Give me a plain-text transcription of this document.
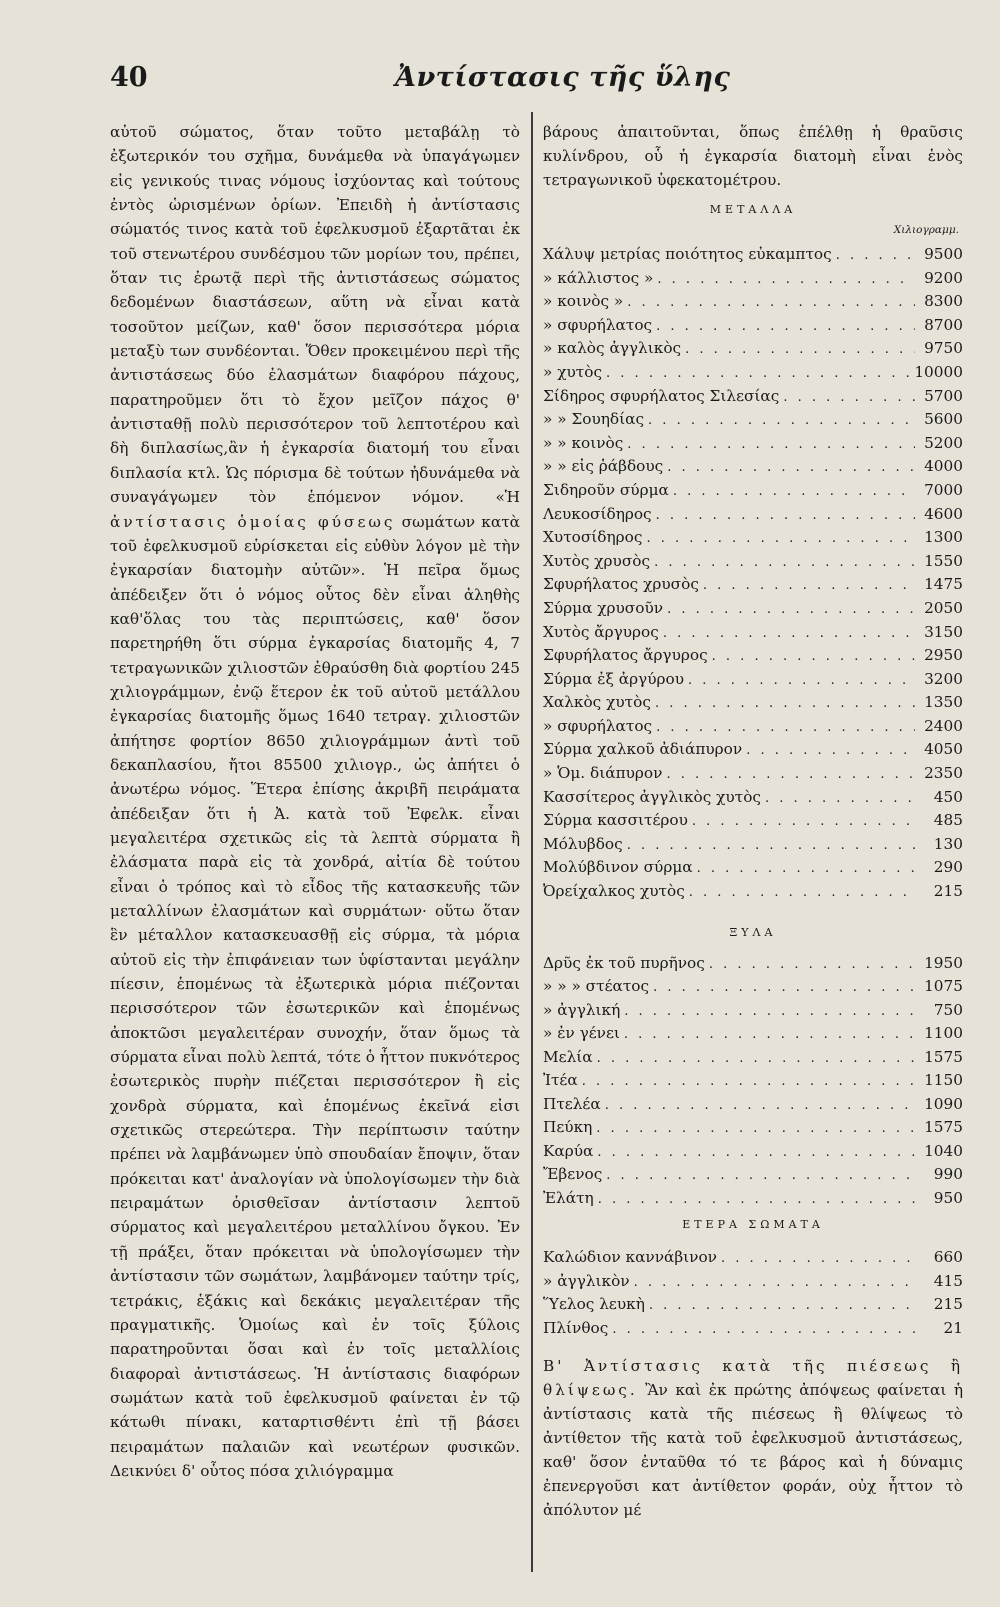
40	Ἀντίστασις τῆς ὕλης

αὐτοῦ σώματος, ὅταν τοῦτο μεταβάλῃ τὸ ἐξωτερικόν του σχῆμα, δυνάμεθα νὰ ὑπαγάγωμεν εἰς γενικούς τινας νόμους ἰσχύοντας καὶ τούτους ἐντὸς ὡρισμένων ὁρίων. Ἐπειδὴ ἡ ἀντίστασις σώματός τινος κατὰ τοῦ ἐφελκυσμοῦ ἐξαρτᾶται ἐκ τοῦ στενωτέρου συνδέσμου τῶν μορίων του, πρέπει, ὅταν τις ἐρωτᾷ περὶ τῆς ἀντιστάσεως σώματος δεδομένων διαστάσεων, αὕτη νὰ εἶναι κατὰ τοσοῦτον μείζων, καθ' ὅσον περισσότερα μόρια μεταξὺ των συνδέονται. Ὅθεν προκειμένου περὶ τῆς ἀντιστάσεως δύο ἐλασμάτων διαφόρου πάχους, παρατηροῦμεν ὅτι τὸ ἔχον μεῖζον πάχος θ' ἀντισταθῇ πολὺ περισσότερον τοῦ λεπτοτέρου καὶ δὴ διπλασίως,ἂν ἡ ἐγκαρσία διατομή του εἶναι διπλασία κτλ. Ὡς πόρισμα δὲ τούτων ἠδυνάμεθα νὰ συναγάγωμεν τὸν ἑπόμενον νόμον. «Ἡ ἀντίστασις ὁμοίας φύσεως σωμάτων κατὰ τοῦ ἐφελκυσμοῦ εὑρίσκεται εἰς εὐθὺν λόγον μὲ τὴν ἐγκαρσίαν διατομὴν αὐτῶν». Ἡ πεῖρα ὅμως ἀπέδειξεν ὅτι ὁ νόμος οὗτος δὲν εἶναι ἀληθὴς καθ'ὅλας του τὰς περιπτώσεις, καθ' ὅσον παρετηρήθη ὅτι σύρμα ἐγκαρσίας διατομῆς 4, 7 τετραγωνικῶν χιλιοστῶν ἐθραύσθη διὰ φορτίου 245 χιλιογράμμων, ἐνῷ ἕτερον ἐκ τοῦ αὐτοῦ μετάλλου ἐγκαρσίας διατομῆς ὅμως 1640 τετραγ. χιλιοστῶν ἀπήτησε φορτίον 8650 χιλιογράμμων ἀντὶ τοῦ δεκαπλασίου, ἤτοι 85500 χιλιογρ., ὡς ἀπήτει ὁ ἀνωτέρω νόμος. Ἕτερα ἐπίσης ἀκριβῆ πειράματα ἀπέδειξαν ὅτι ἡ Ἀ. κατὰ τοῦ Ἐφελκ. εἶναι μεγαλειτέρα σχετικῶς εἰς τὰ λεπτὰ σύρματα ἢ ἐλάσματα παρὰ εἰς τὰ χονδρά, αἰτία δὲ τούτου εἶναι ὁ τρόπος καὶ τὸ εἶδος τῆς κατασκευῆς τῶν μεταλλίνων ἐλασμάτων καὶ συρμάτων· οὕτω ὅταν ἓν μέταλλον κατασκευασθῇ εἰς σύρμα, τὰ μόρια αὐτοῦ εἰς τὴν ἐπιφάνειαν των ὑφίστανται μεγάλην πίεσιν, ἑπομένως τὰ ἐξωτερικὰ μόρια πιέζονται περισσότερον τῶν ἐσωτερικῶν καὶ ἑπομένως ἀποκτῶσι μεγαλειτέραν συνοχήν, ὅταν ὅμως τὰ σύρματα εἶναι πολὺ λεπτά, τότε ὁ ἧττον πυκνότερος ἐσωτερικὸς πυρὴν πιέζεται περισσότερον ἢ εἰς χονδρὰ σύρματα, καὶ ἑπομένως ἐκεῖνά εἰσι σχετικῶς στερεώτερα. Τὴν περίπτωσιν ταύτην πρέπει νὰ λαμβάνωμεν ὑπὸ σπουδαίαν ἔποψιν, ὅταν πρόκειται κατ' ἀναλογίαν νὰ ὑπολογίσωμεν τὴν διὰ πειραμάτων ὁρισθεῖσαν ἀντίστασιν λεπτοῦ σύρματος καὶ μεγαλειτέρου μεταλλίνου ὄγκου. Ἐν τῇ πράξει, ὅταν πρόκειται νὰ ὑπολογίσωμεν τὴν ἀντίστασιν τῶν σωμάτων, λαμβάνομεν ταύτην τρίς, τετράκις, ἑξάκις καὶ δεκάκις μεγαλειτέραν τῆς πραγματικῆς. Ὁμοίως καὶ ἐν τοῖς ξύλοις παρατηροῦνται ὅσαι καὶ ἐν τοῖς μεταλλίοις διαφοραὶ ἀντιστάσεως. Ἡ ἀντίστασις διαφόρων σωμάτων κατὰ τοῦ ἐφελκυσμοῦ φαίνεται ἐν τῷ κάτωθι πίνακι, καταρτισθέντι ἐπὶ τῇ βάσει πειραμάτων παλαιῶν καὶ νεωτέρων φυσικῶν. Δεικνύει δ' οὗτος πόσα χιλιόγραμμα

βάρους ἀπαιτοῦνται, ὅπως ἐπέλθῃ ἡ θραῦσις κυλίνδρου, οὗ ἡ ἐγκαρσία διατομὴ εἶναι ἑνὸς τετραγωνικοῦ ὑφεκατομέτρου.

ΜΕΤΑΛΛΑ
Χιλιογραμμ.
Χάλυψ μετρίας ποιότητος εὐκαμπτος . . .	9500
» κάλλιστος » . . .	9200
» κοινὸς » . . .	8300
» σφυρήλατος . . .	8700
» καλὸς ἀγγλικὸς . . .	9750
» χυτὸς . . .	10000
Σίδηρος σφυρήλατος Σιλεσίας . . .	5700
» » Σουηδίας . . .	5600
» » κοινὸς . . .	5200
» » εἰς ῥάβδους . . .	4000
Σιδηροῦν σύρμα . . .	7000
Λευκοσίδηρος . . .	4600
Χυτοσίδηρος . . .	1300
Χυτὸς χρυσὸς . . .	1550
Σφυρήλατος χρυσὸς . . .	1475
Σύρμα χρυσοῦν . . .	2050
Χυτὸς ἄργυρος . . .	3150
Σφυρήλατος ἄργυρος . . .	2950
Σύρμα ἐξ ἀργύρου . . .	3200
Χαλκὸς χυτὸς . . .	1350
» σφυρήλατος . . .	2400
Σύρμα χαλκοῦ ἀδιάπυρον . . .	4050
» Ὁμ. διάπυρον . . .	2350
Κασσίτερος ἀγγλικὸς χυτὸς . . .	450
Σύρμα κασσιτέρου . . .	485
Μόλυβδος . . .	130
Μολύβδινον σύρμα . . .	290
Ὀρείχαλκος χυτὸς . . .	215
ΞΥΛΑ
Δρῦς ἐκ τοῦ πυρῆνος . . .	1950
» » » στέατος . . .	1075
» ἀγγλική . . .	750
» ἐν γένει . . .	1100
Μελία . . .	1575
Ἰτέα . . .	1150
Πτελέα . . .	1090
Πεύκη . . .	1575
Καρύα . . .	1040
Ἔβενος . . .	990
Ἐλάτη . . .	950
ΕΤΕΡΑ ΣΩΜΑΤΑ
Καλώδιον καννάβινον . . .	660
» ἀγγλικὸν . . .	415
Ὕελος λευκὴ . . .	215
Πλίνθος . . .	21

Β' Ἀντίστασις κατὰ τῆς πιέσεως ἢ θλίψεως. Ἂν καὶ ἐκ πρώτης ἀπόψεως φαίνεται ἡ ἀντίστασις κατὰ τῆς πιέσεως ἢ θλίψεως τὸ ἀντίθετον τῆς κατὰ τοῦ ἐφελκυσμοῦ ἀντιστάσεως, καθ' ὅσον ἐνταῦθα τό τε βάρος καὶ ἡ δύναμις ἐπενεργοῦσι κατ ἀντίθετον φοράν, οὐχ ἧττον τὸ ἀπόλυτον μέ
